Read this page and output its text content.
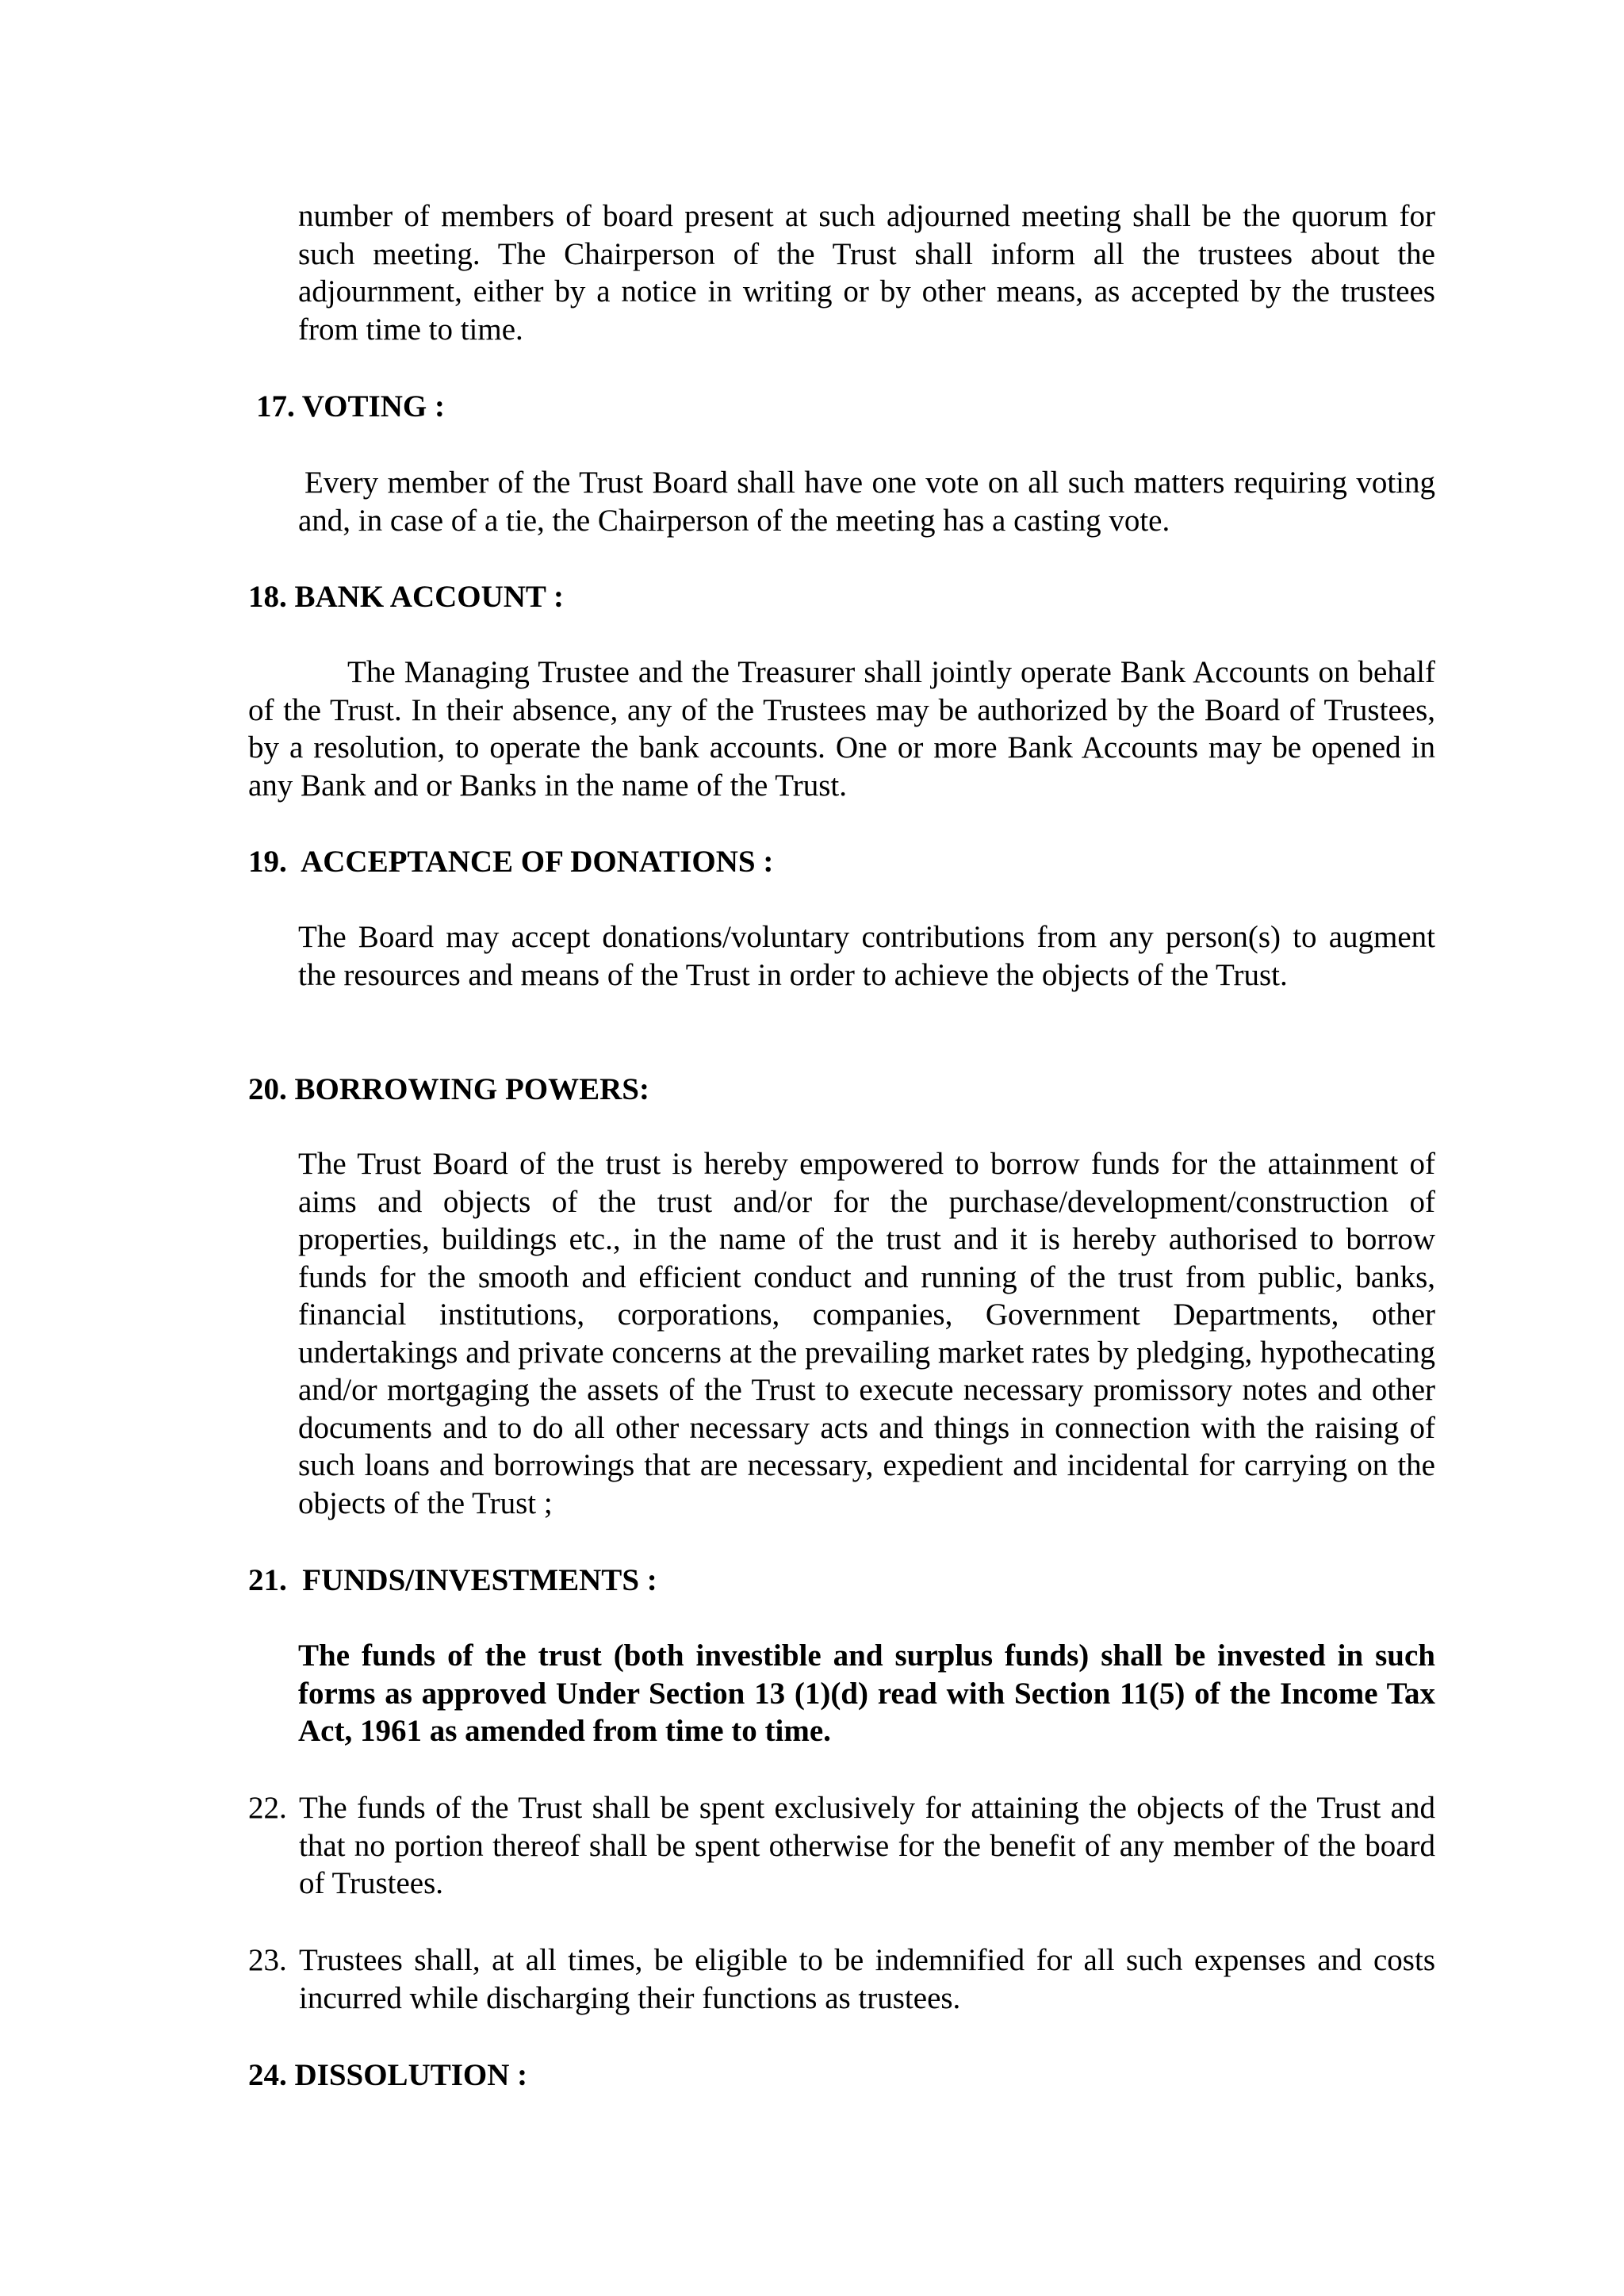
number of members of board present at such adjourned meeting shall be the quorum for such meeting. The Chairperson of the Trust shall inform all the trustees about the adjournment, either by a notice in writing or by other means, as accepted by the trustees from time to time.

17. VOTING :

Every member of the Trust Board shall have one vote on all such matters requiring voting and, in case of a tie, the Chairperson of the meeting has a casting vote.

18. BANK ACCOUNT :

The Managing Trustee and the Treasurer shall jointly operate Bank Accounts on behalf of the Trust. In their absence, any of the Trustees may be authorized by the Board of Trustees, by a resolution, to operate the bank accounts. One or more Bank Accounts may be opened in any Bank and or Banks in the name of the Trust.

19.  ACCEPTANCE OF DONATIONS :

The Board may accept donations/voluntary contributions from any person(s) to augment the resources and means of the Trust in order to achieve the objects of the Trust.

20. BORROWING POWERS:

The Trust Board of the trust is hereby empowered to borrow funds for the attainment of aims and objects of the trust and/or for the purchase/development/construction of properties, buildings etc., in the name of the trust and it is hereby authorised to borrow funds for the smooth and efficient conduct and running of the trust from public, banks, financial institutions, corporations, companies, Government Departments, other undertakings and private concerns at the prevailing market rates by pledging, hypothecating and/or mortgaging the assets of the Trust to execute necessary promissory notes and other documents and to do all other necessary acts and things in connection with the raising of such loans and borrowings that are necessary, expedient and incidental for carrying on the objects of the Trust ;

21.  FUNDS/INVESTMENTS :

The funds of the trust (both investible and surplus funds) shall be invested in such forms as approved Under Section 13 (1)(d) read with Section 11(5) of the Income Tax Act, 1961 as amended from time to time.

22. The funds of the Trust shall be spent exclusively for attaining the objects of the Trust and that no portion thereof shall be spent otherwise for the benefit of any member of the board of Trustees.
23. Trustees shall, at all times, be eligible to be indemnified for all such expenses and costs incurred while discharging their functions as trustees.

24. DISSOLUTION :
